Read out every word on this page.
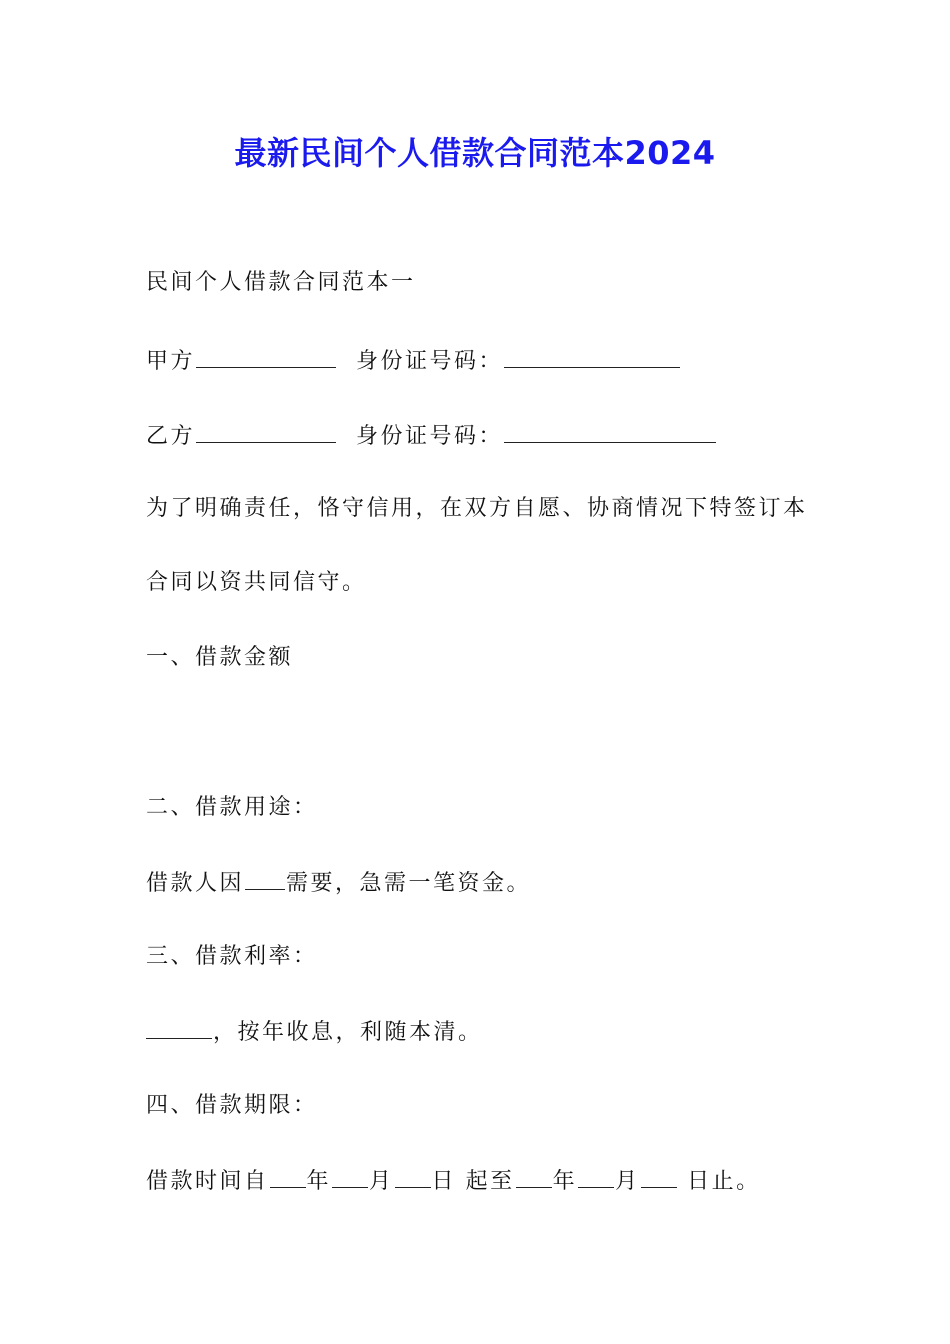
最新民间个人借款合同范本2024
民间个人借款合同范本一
甲方	身份证号码：
乙方	身份证号码：
为了明确责任，恪守信用，在双方自愿、协商情况下特签订本
合同以资共同信守。
一、借款金额
二、借款用途：
借款人因 需要，急需一笔资金。
三、借款利率：
，按年收息，利随本清。
四、借款期限：
借款时间自 年 月 日 起至 年 月 日止。
